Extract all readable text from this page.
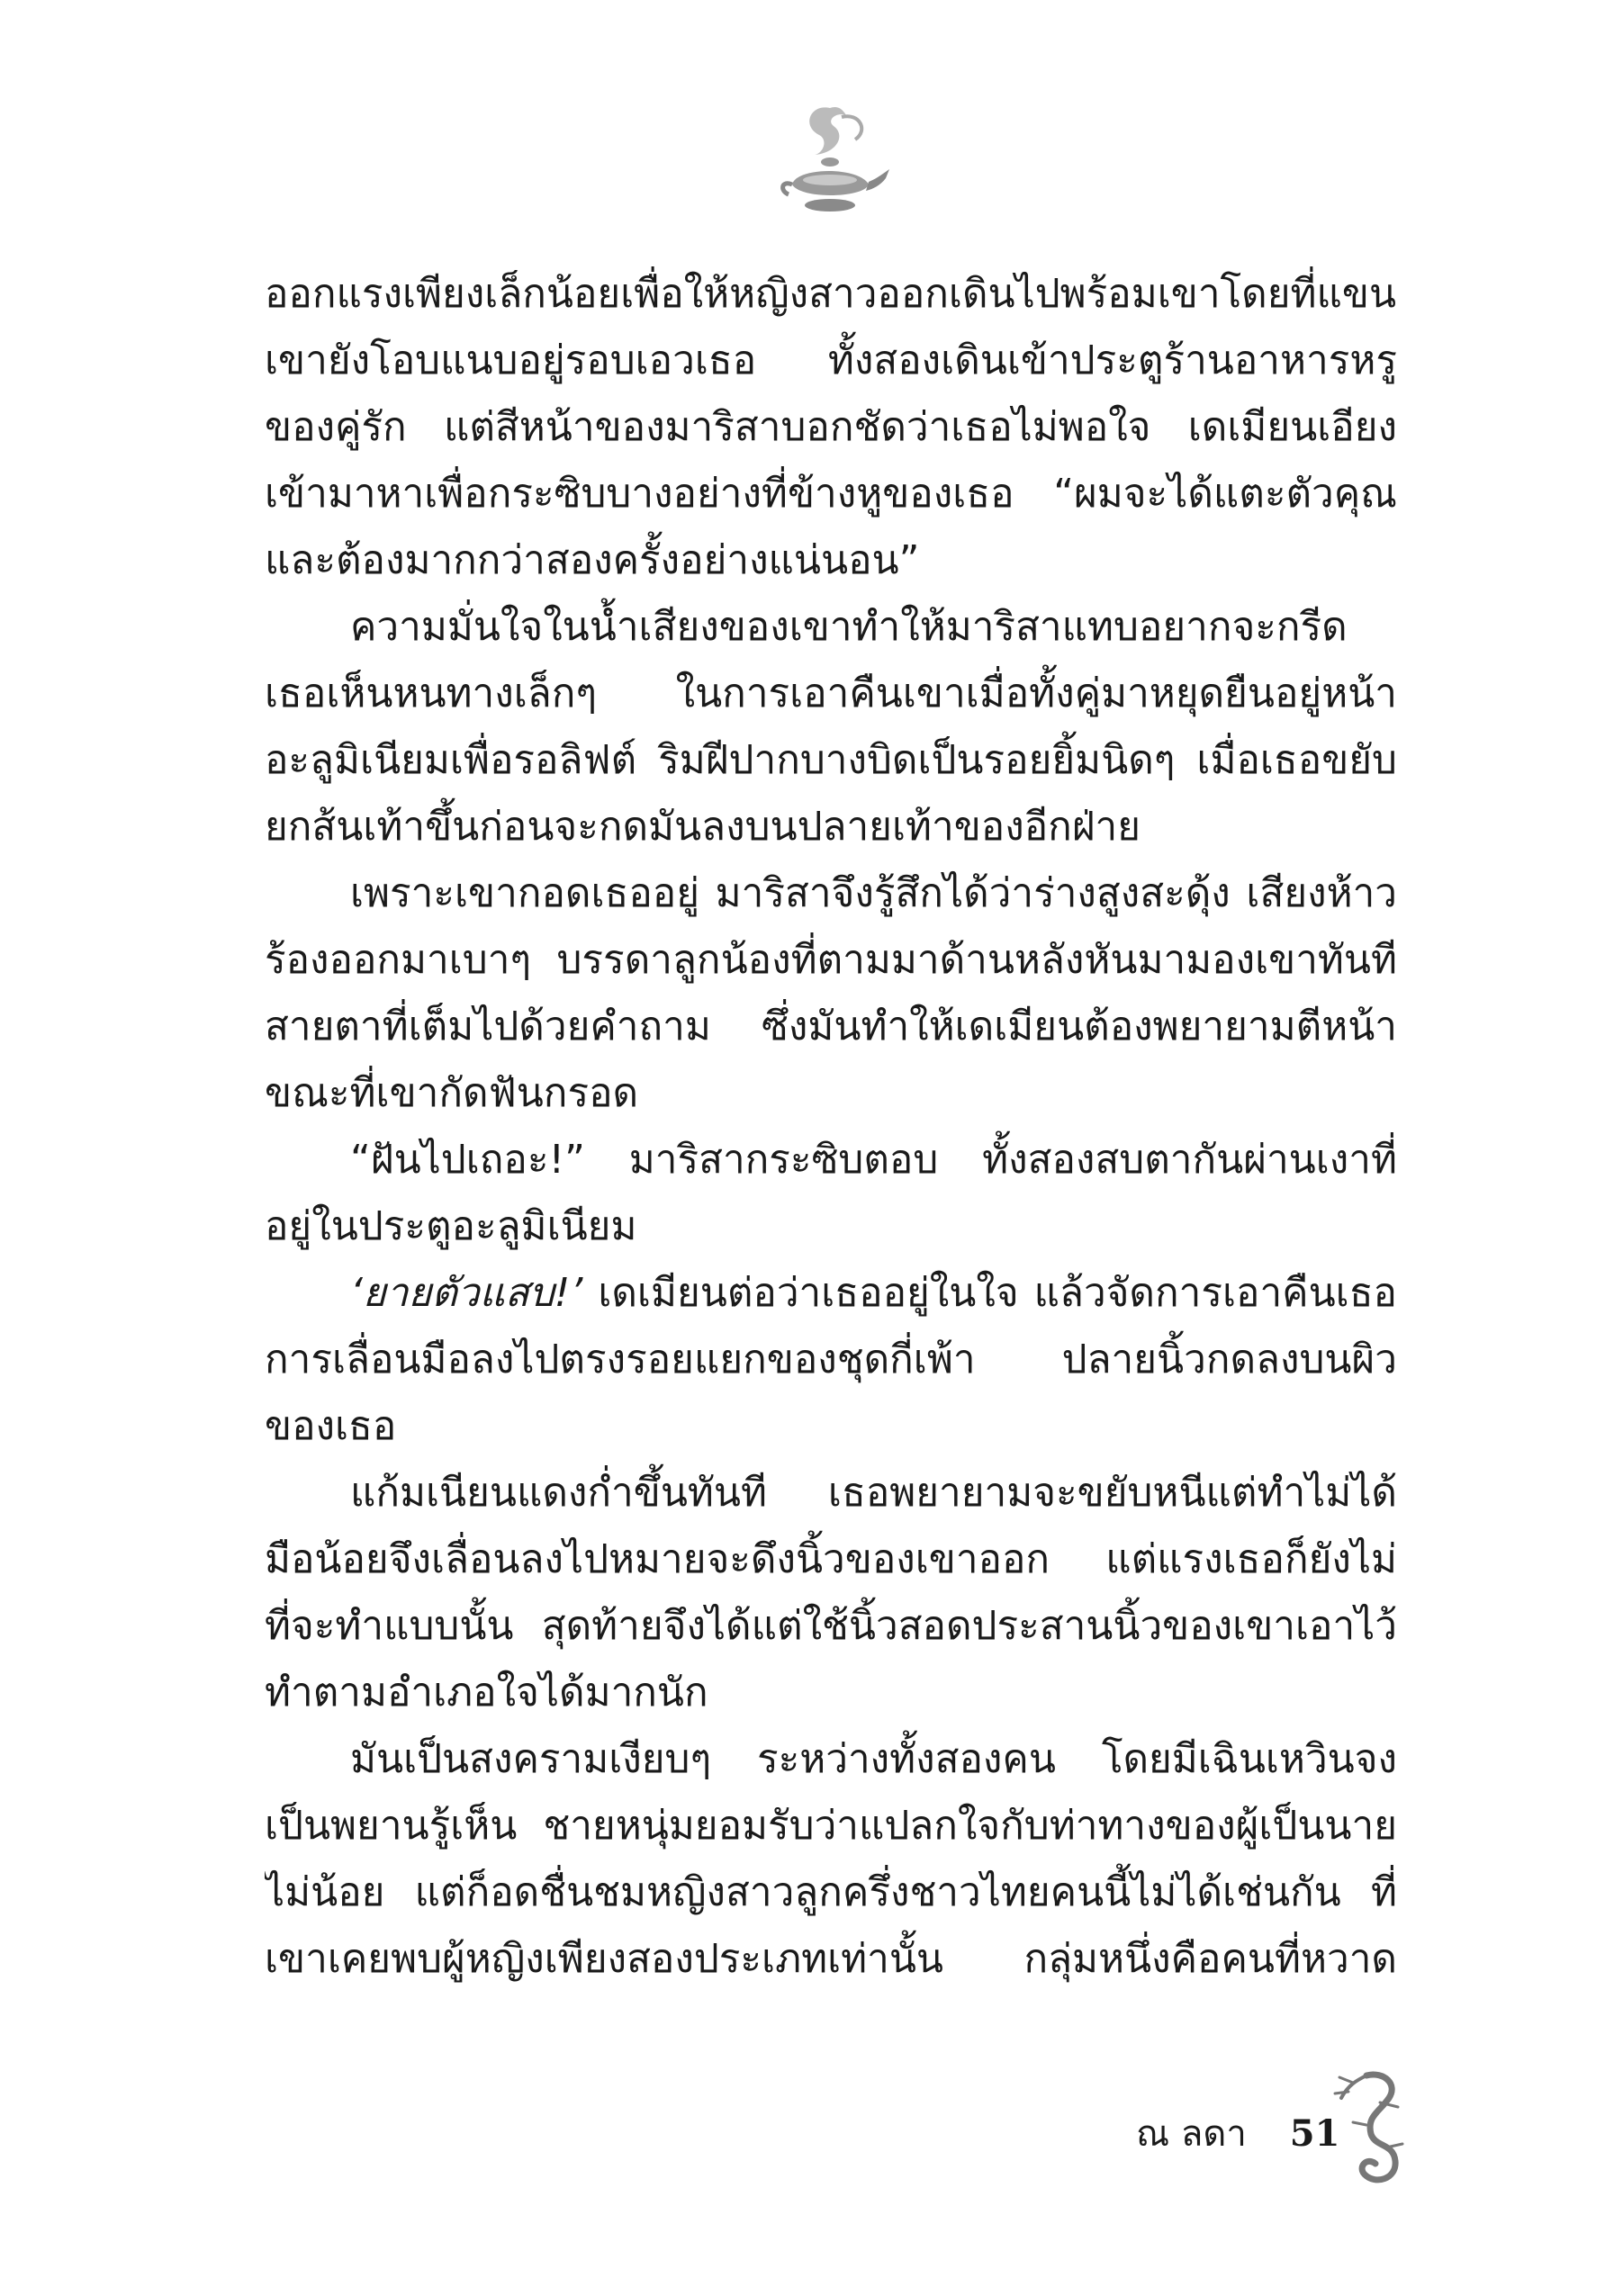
ออกแรงเพียงเล็กน้อยเพื่อให้หญิงสาวออกเดินไปพร้อมเขาโดยที่แขน
เขายังโอบแนบอยู่รอบเอวเธอ ทั้งสองเดินเข้าประตูร้านอาหารหรู
ของคู่รัก แต่สีหน้าของมาริสาบอกชัดว่าเธอไม่พอใจ เดเมียนเอียง
เข้ามาหาเพื่อกระซิบบางอย่างที่ข้างหูของเธอ “ผมจะได้แตะตัวคุณ
และต้องมากกว่าสองครั้งอย่างแน่นอน”
ความมั่นใจในน้ำเสียงของเขาทำให้มาริสาแทบอยากจะกรีด
เธอเห็นหนทางเล็กๆ ในการเอาคืนเขาเมื่อทั้งคู่มาหยุดยืนอยู่หน้า
อะลูมิเนียมเพื่อรอลิฟต์ ริมฝีปากบางบิดเป็นรอยยิ้มนิดๆ เมื่อเธอขยับ
ยกส้นเท้าขึ้นก่อนจะกดมันลงบนปลายเท้าของอีกฝ่าย
เพราะเขากอดเธออยู่ มาริสาจึงรู้สึกได้ว่าร่างสูงสะดุ้ง เสียงห้าว
ร้องออกมาเบาๆ บรรดาลูกน้องที่ตามมาด้านหลังหันมามองเขาทันที
สายตาที่เต็มไปด้วยคำถาม ซึ่งมันทำให้เดเมียนต้องพยายามตีหน้า
ขณะที่เขากัดฟันกรอด
“ฝันไปเถอะ!” มาริสากระซิบตอบ ทั้งสองสบตากันผ่านเงาที่
อยู่ในประตูอะลูมิเนียม
‘ยายตัวแสบ!’ เดเมียนต่อว่าเธออยู่ในใจ แล้วจัดการเอาคืนเธอ
การเลื่อนมือลงไปตรงรอยแยกของชุดกี่เพ้า ปลายนิ้วกดลงบนผิว
ของเธอ
แก้มเนียนแดงก่ำขึ้นทันที เธอพยายามจะขยับหนีแต่ทำไม่ได้
มือน้อยจึงเลื่อนลงไปหมายจะดึงนิ้วของเขาออก แต่แรงเธอก็ยังไม่
ที่จะทำแบบนั้น สุดท้ายจึงได้แต่ใช้นิ้วสอดประสานนิ้วของเขาเอาไว้
ทำตามอำเภอใจได้มากนัก
มันเป็นสงครามเงียบๆ ระหว่างทั้งสองคน โดยมีเฉินเหวินจง
เป็นพยานรู้เห็น ชายหนุ่มยอมรับว่าแปลกใจกับท่าทางของผู้เป็นนาย
ไม่น้อย แต่ก็อดชื่นชมหญิงสาวลูกครึ่งชาวไทยคนนี้ไม่ได้เช่นกัน ที่
เขาเคยพบผู้หญิงเพียงสองประเภทเท่านั้น กลุ่มหนึ่งคือคนที่หวาด
ณ ลดา 51
